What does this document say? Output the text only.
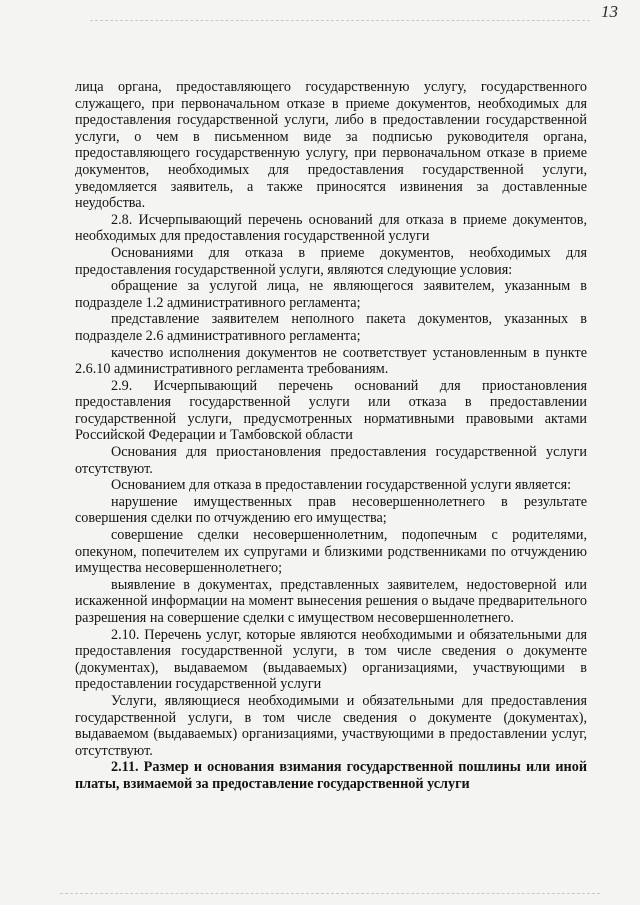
13

лица органа, предоставляющего государственную услугу, государственного служащего, при первоначальном отказе в приеме документов, необходимых для предоставления государственной услуги, либо в предоставлении государственной услуги, о чем в письменном виде за подписью руководителя органа, предоставляющего государственную услугу, при первоначальном отказе в приеме документов, необходимых для предоставления государственной услуги, уведомляется заявитель, а также приносятся извинения за доставленные неудобства.

2.8. Исчерпывающий перечень оснований для отказа в приеме документов, необходимых для предоставления государственной услуги

Основаниями для отказа в приеме документов, необходимых для предоставления государственной услуги, являются следующие условия:

обращение за услугой лица, не являющегося заявителем, указанным в подразделе 1.2 административного регламента;

представление заявителем неполного пакета документов, указанных в подразделе 2.6 административного регламента;

качество исполнения документов не соответствует установленным в пункте 2.6.10 административного регламента требованиям.

2.9. Исчерпывающий перечень оснований для приостановления предоставления государственной услуги или отказа в предоставлении государственной услуги, предусмотренных нормативными правовыми актами Российской Федерации и Тамбовской области

Основания для приостановления предоставления государственной услуги отсутствуют.

Основанием для отказа в предоставлении государственной услуги является:

нарушение имущественных прав несовершеннолетнего в результате совершения сделки по отчуждению его имущества;

совершение сделки несовершеннолетним, подопечным с родителями, опекуном, попечителем их супругами и близкими родственниками по отчуждению имущества несовершеннолетнего;

выявление в документах, представленных заявителем, недостоверной или искаженной информации на момент вынесения решения о выдаче предварительного разрешения на совершение сделки с имуществом несовершеннолетнего.

2.10. Перечень услуг, которые являются необходимыми и обязательными для предоставления государственной услуги, в том числе сведения о документе (документах), выдаваемом (выдаваемых) организациями, участвующими в предоставлении государственной услуги

Услуги, являющиеся необходимыми и обязательными для предоставления государственной услуги, в том числе сведения о документе (документах), выдаваемом (выдаваемых) организациями, участвующими в предоставлении услуг, отсутствуют.

2.11. Размер и основания взимания государственной пошлины или иной платы, взимаемой за предоставление государственной услуги
